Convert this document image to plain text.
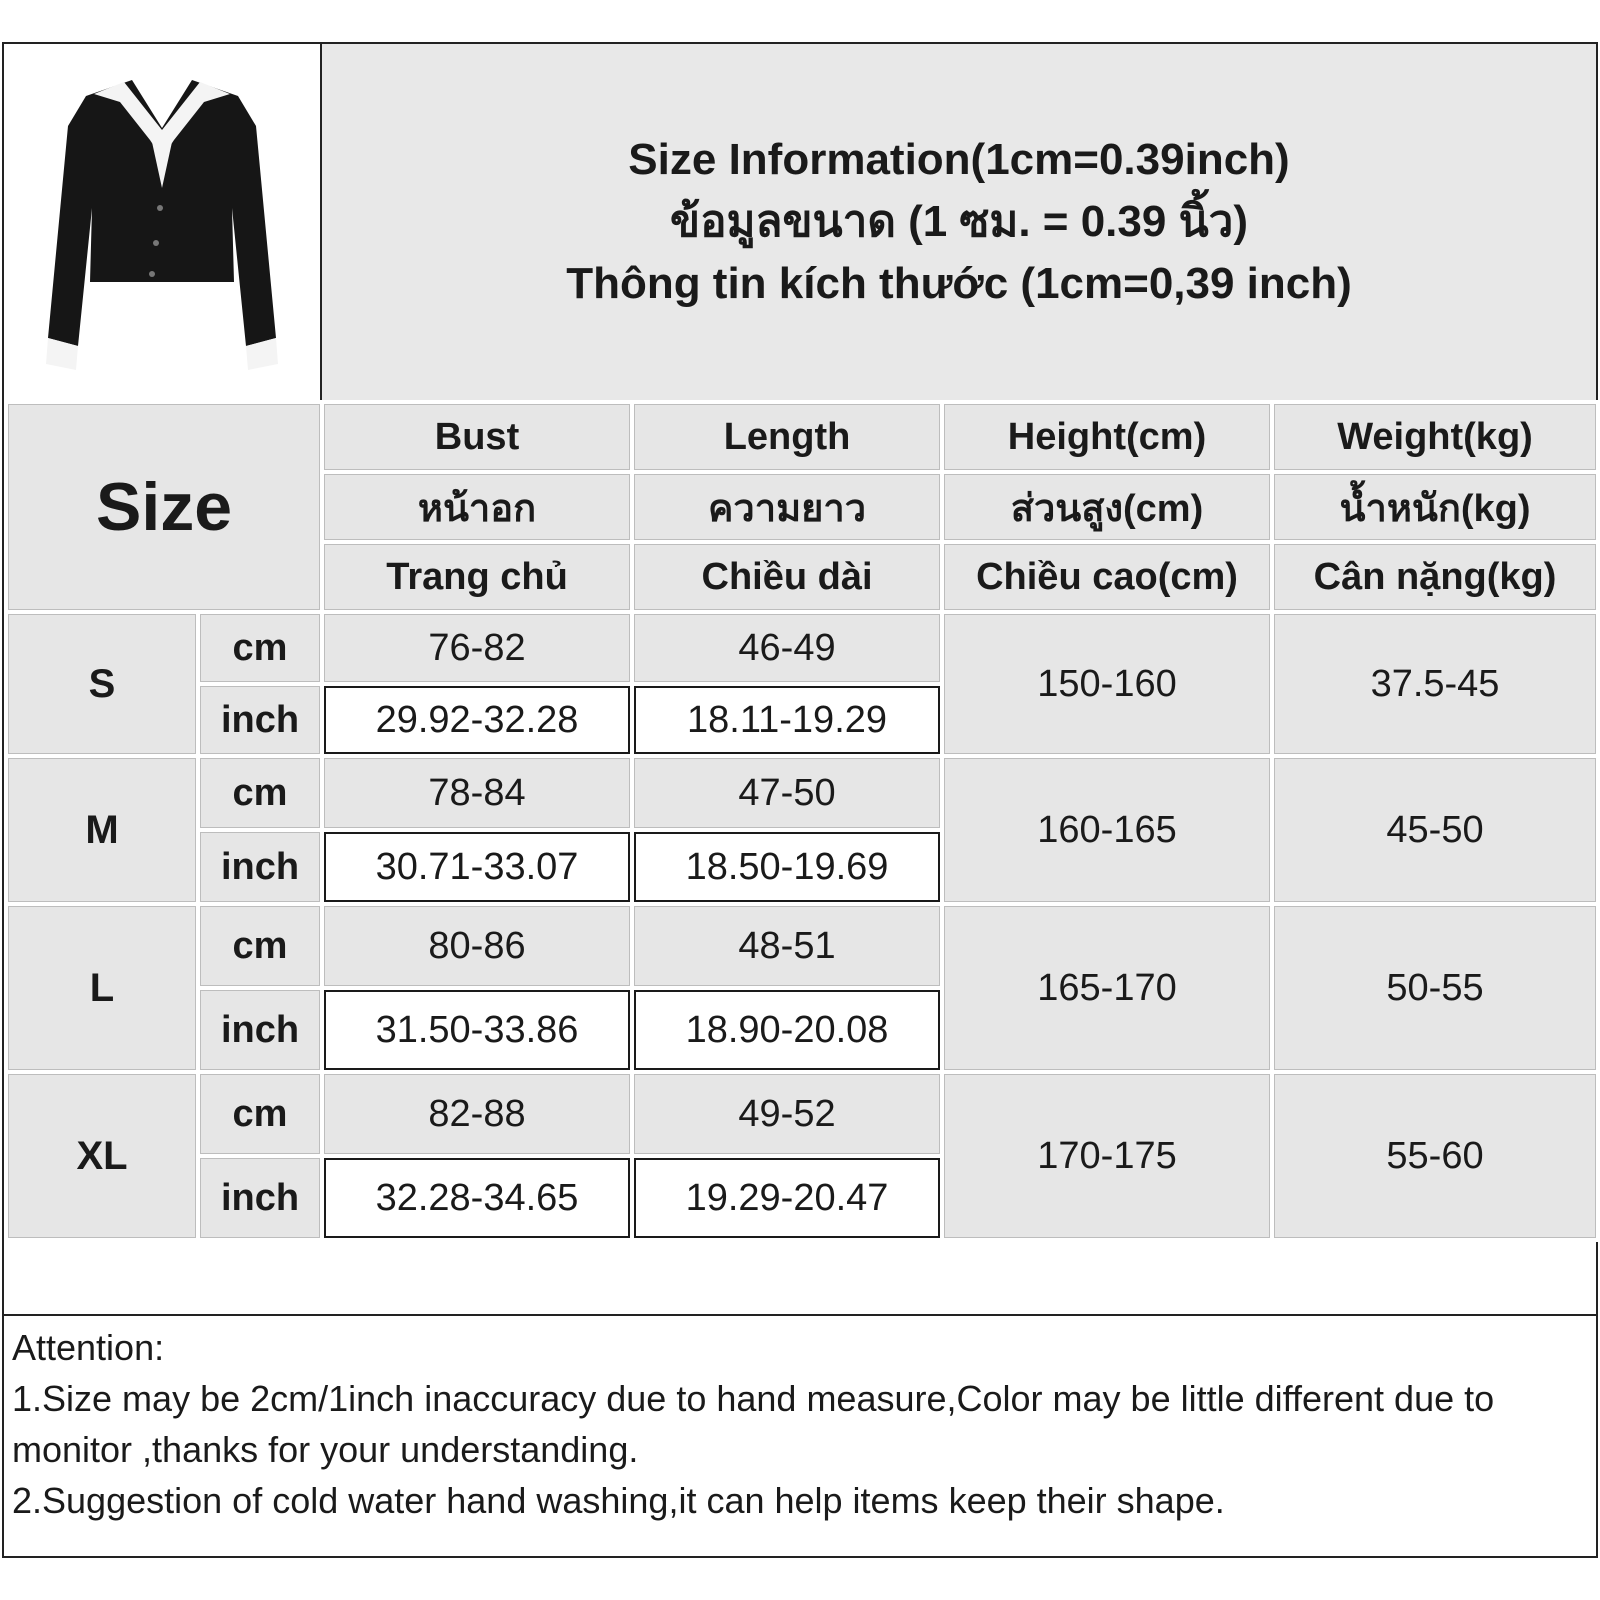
Size Information(1cm=0.39inch)
ข้อมูลขนาด (1 ซม. = 0.39 นิ้ว)
Thông tin kích thước (1cm=0,39 inch)
Size		Bust	Length	Height(cm)	Weight(kg)
		หน้าอก	ความยาว	ส่วนสูง(cm)	น้ำหนัก(kg)
		Trang chủ	Chiều dài	Chiều cao(cm)	Cân nặng(kg)
S	cm	76-82	46-49	150-160	37.5-45
	inch	29.92-32.28	18.11-19.29		
M	cm	78-84	47-50	160-165	45-50
	inch	30.71-33.07	18.50-19.69		
L	cm	80-86	48-51	165-170	50-55
	inch	31.50-33.86	18.90-20.08		
XL	cm	82-88	49-52	170-175	55-60
	inch	32.28-34.65	19.29-20.47		

Attention:

1.Size may be 2cm/1inch inaccuracy due to hand measure,Color may be little different due to monitor ,thanks for your understanding.

2.Suggestion of cold water hand washing,it can help items keep their shape.
